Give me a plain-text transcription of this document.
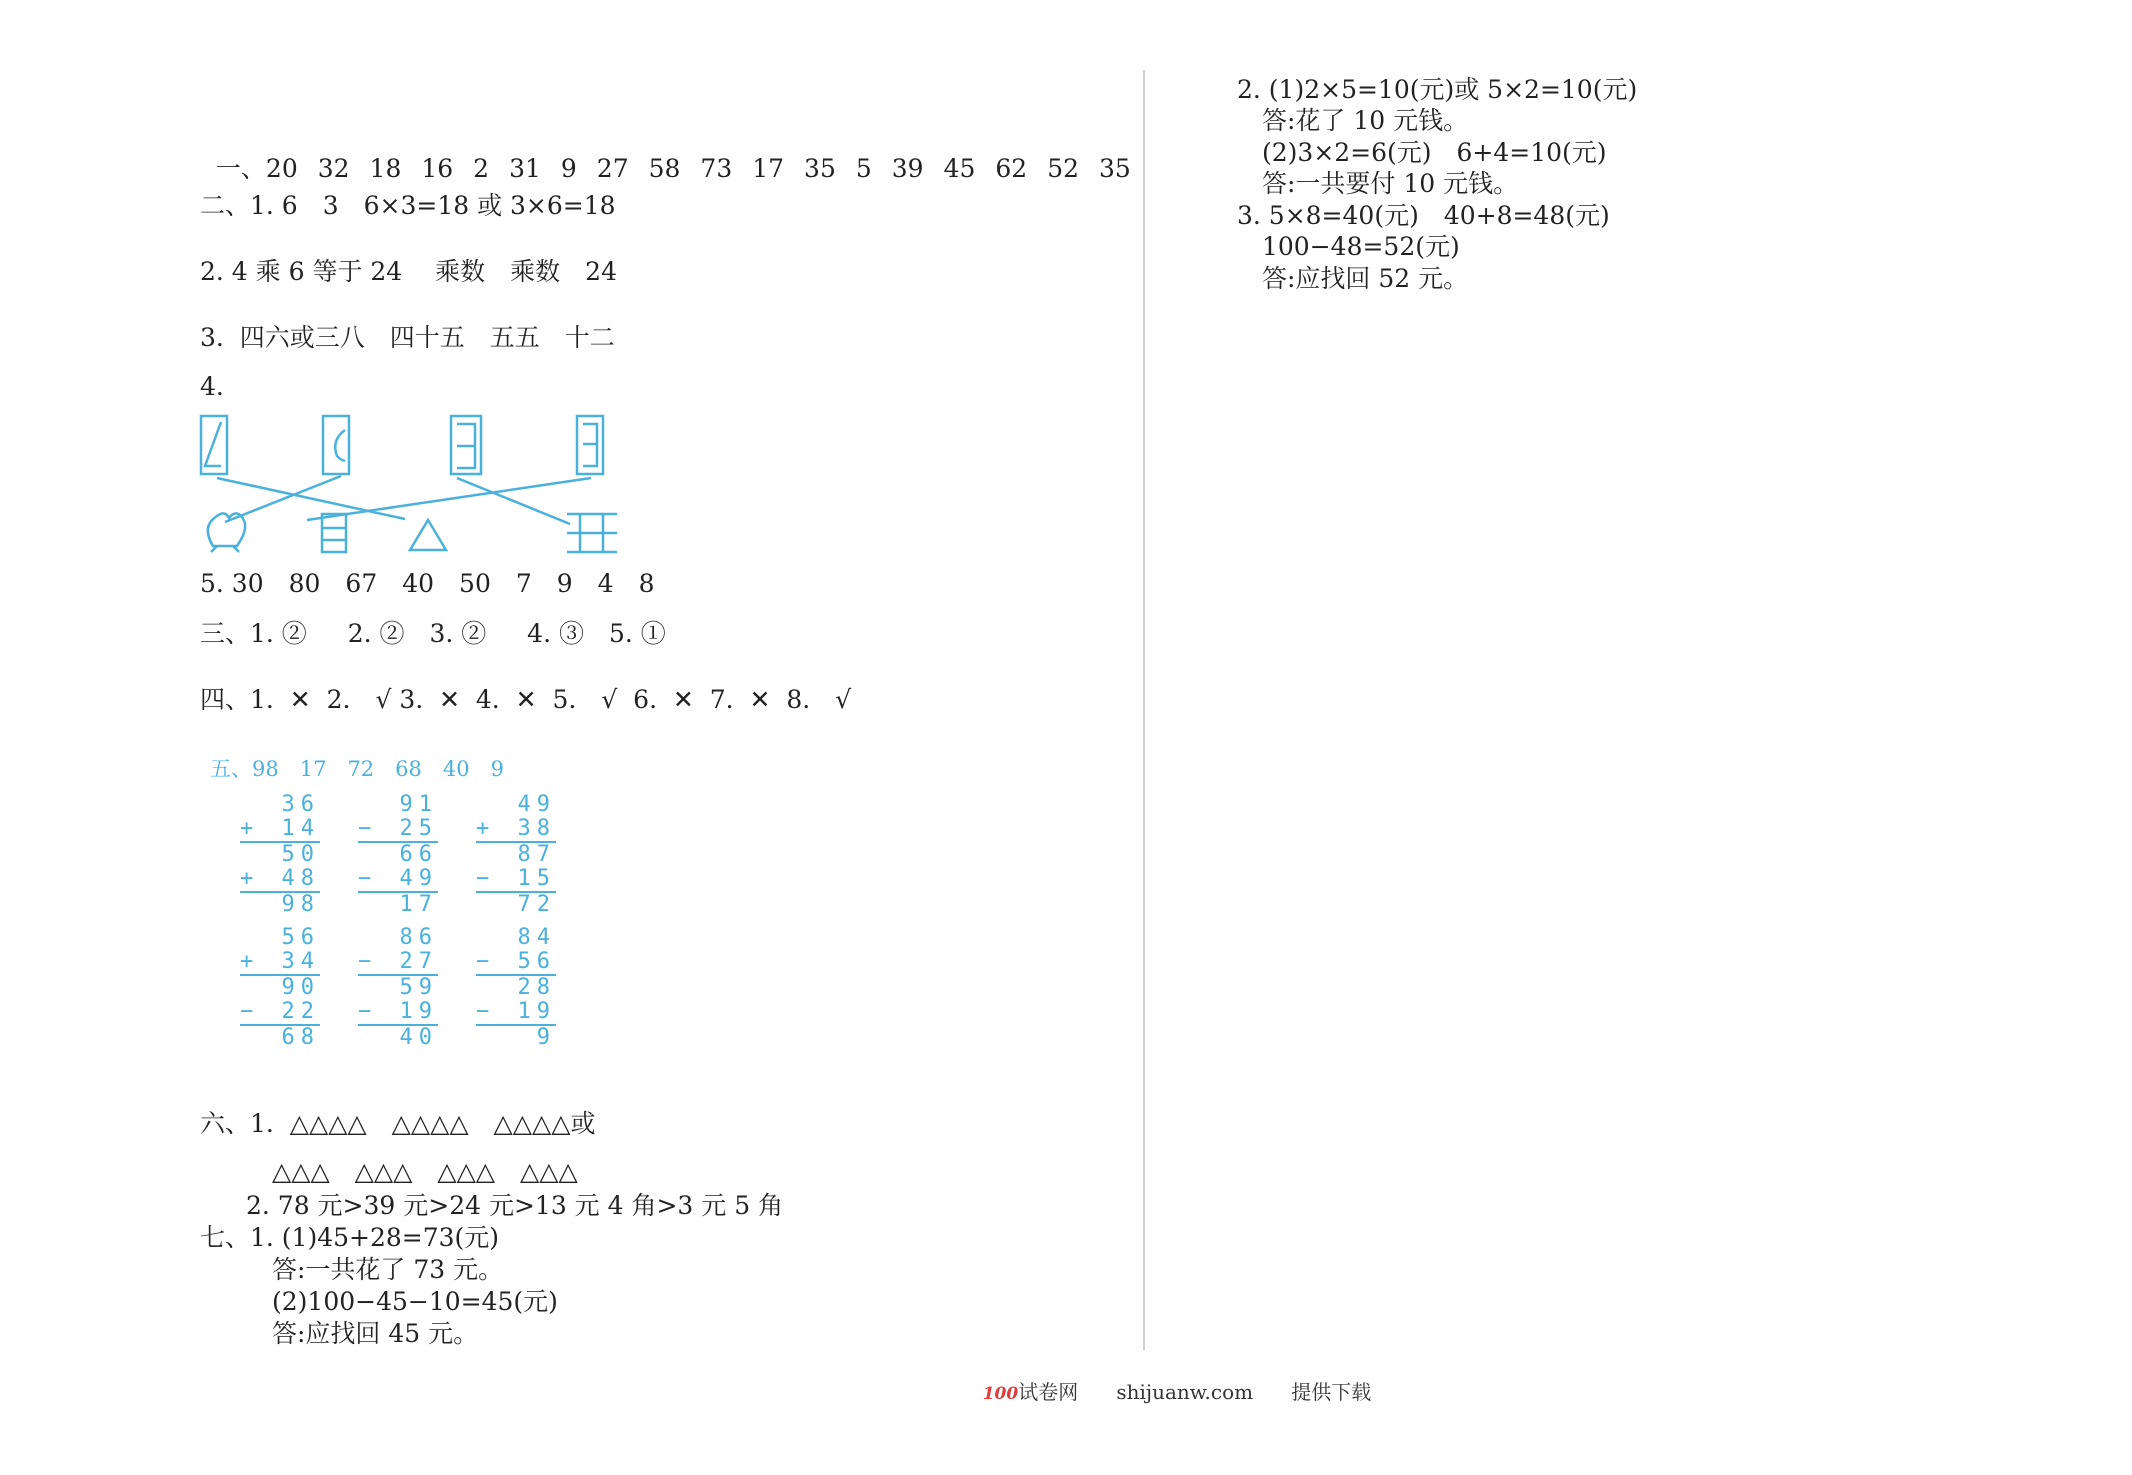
一、20 32 18 16 2 31 9 27 58 73 17 35 5 39 45 62 52 35

二、1. 6　3　6×3=18 或 3×6=18
2. 4 乘 6 等于 24　 乘数　乘数　24
3.  四六或三八　四十五　五五　十二
4.
5. 30　80　67　40　50　7　9　4　8
三、1. ②　  2. ②　3. ②　  4. ③　5. ①
四、1.  ✕  2.　√ 3.  ✕  4.  ✕  5.　√  6.  ✕  7.  ✕  8.　√
五、98　17　72　68　40　9
36
+ 14
50
+ 48
98
91
− 25
66
− 49
17
49
+ 38
87
− 15
72
56
+ 34
90
− 22
68
86
− 27
59
− 19
40
84
− 56
28
− 19
9
六、1.  △△△△　△△△△　△△△△或
△△△　△△△　△△△　△△△
2. 78 元>39 元>24 元>13 元 4 角>3 元 5 角
七、1. (1)45+28=73(元)
答:一共花了 73 元。
(2)100−45−10=45(元)
答:应找回 45 元。
2. (1)2×5=10(元)或 5×2=10(元)
答:花了 10 元钱。
(2)3×2=6(元)　6+4=10(元)
答:一共要付 10 元钱。
3. 5×8=40(元)　40+8=48(元)
100−48=52(元)
答:应找回 52 元。

100试卷网 shijuanw.com 提供下载
